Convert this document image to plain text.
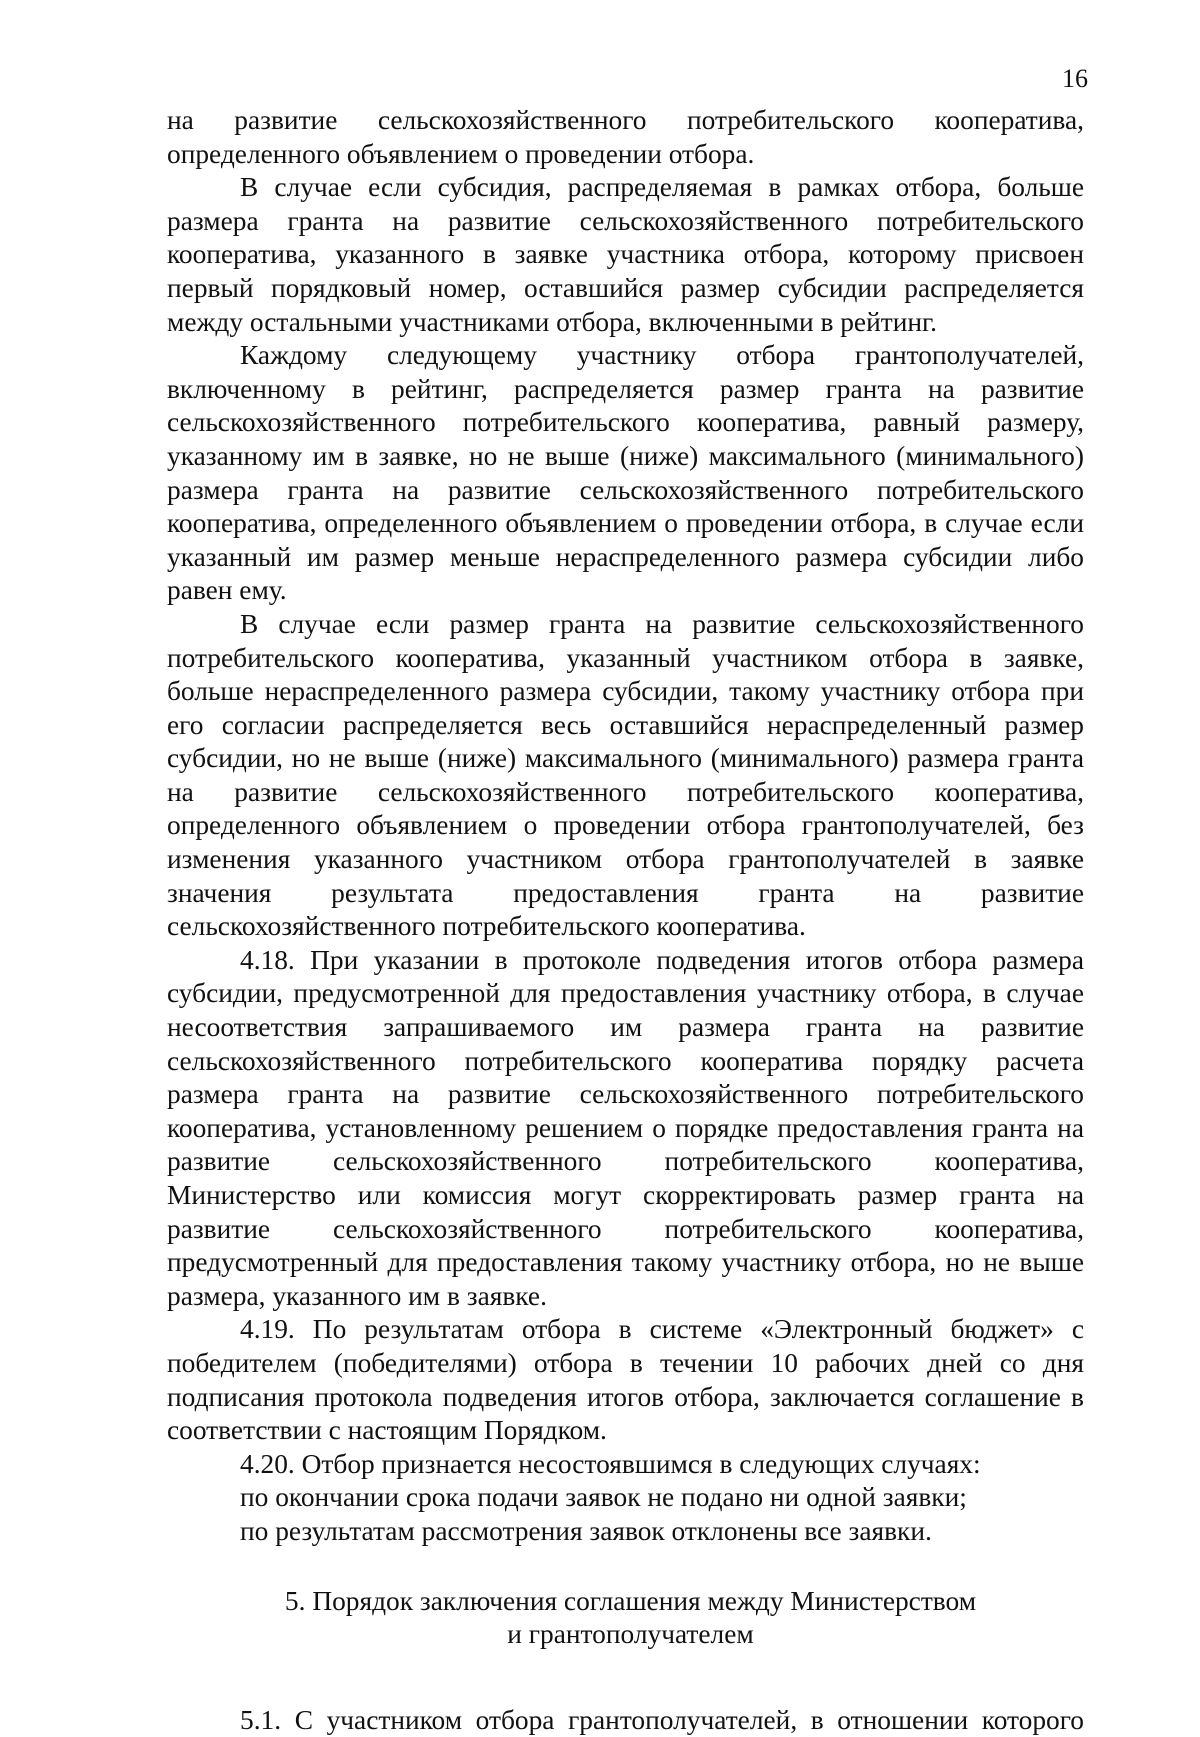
16

на развитие сельскохозяйственного потребительского кооператива, определенного объявлением о проведении отбора.

В случае если субсидия, распределяемая в рамках отбора, больше размера гранта на развитие сельскохозяйственного потребительского кооператива, указанного в заявке участника отбора, которому присвоен первый порядковый номер, оставшийся размер субсидии распределяется между остальными участниками отбора, включенными в рейтинг.

Каждому следующему участнику отбора грантополучателей, включенному в рейтинг, распределяется размер гранта на развитие сельскохозяйственного потребительского кооператива, равный размеру, указанному им в заявке, но не выше (ниже) максимального (минимального) размера гранта на развитие сельскохозяйственного потребительского кооператива, определенного объявлением о проведении отбора, в случае если указанный им размер меньше нераспределенного размера субсидии либо равен ему.

В случае если размер гранта на развитие сельскохозяйственного потребительского кооператива, указанный участником отбора в заявке, больше нераспределенного размера субсидии, такому участнику отбора при его согласии распределяется весь оставшийся нераспределенный размер субсидии, но не выше (ниже) максимального (минимального) размера гранта на развитие сельскохозяйственного потребительского кооператива, определенного объявлением о проведении отбора грантополучателей, без изменения указанного участником отбора грантополучателей в заявке значения результата предоставления гранта на развитие сельскохозяйственного потребительского кооператива.

4.18. При указании в протоколе подведения итогов отбора размера субсидии, предусмотренной для предоставления участнику отбора, в случае несоответствия запрашиваемого им размера гранта на развитие сельскохозяйственного потребительского кооператива порядку расчета размера гранта на развитие сельскохозяйственного потребительского кооператива, установленному решением о порядке предоставления гранта на развитие сельскохозяйственного потребительского кооператива, Министерство или комиссия могут скорректировать размер гранта на развитие сельскохозяйственного потребительского кооператива, предусмотренный для предоставления такому участнику отбора, но не выше размера, указанного им в заявке.

4.19. По результатам отбора в системе «Электронный бюджет» с победителем (победителями) отбора в течении 10 рабочих дней со дня подписания протокола подведения итогов отбора, заключается соглашение в соответствии с настоящим Порядком.

4.20. Отбор признается несостоявшимся в следующих случаях:

по окончании срока подачи заявок не подано ни одной заявки;

по результатам рассмотрения заявок отклонены все заявки.

5. Порядок заключения соглашения между Министерством

и грантополучателем

5.1. С участником отбора грантополучателей, в отношении которого
